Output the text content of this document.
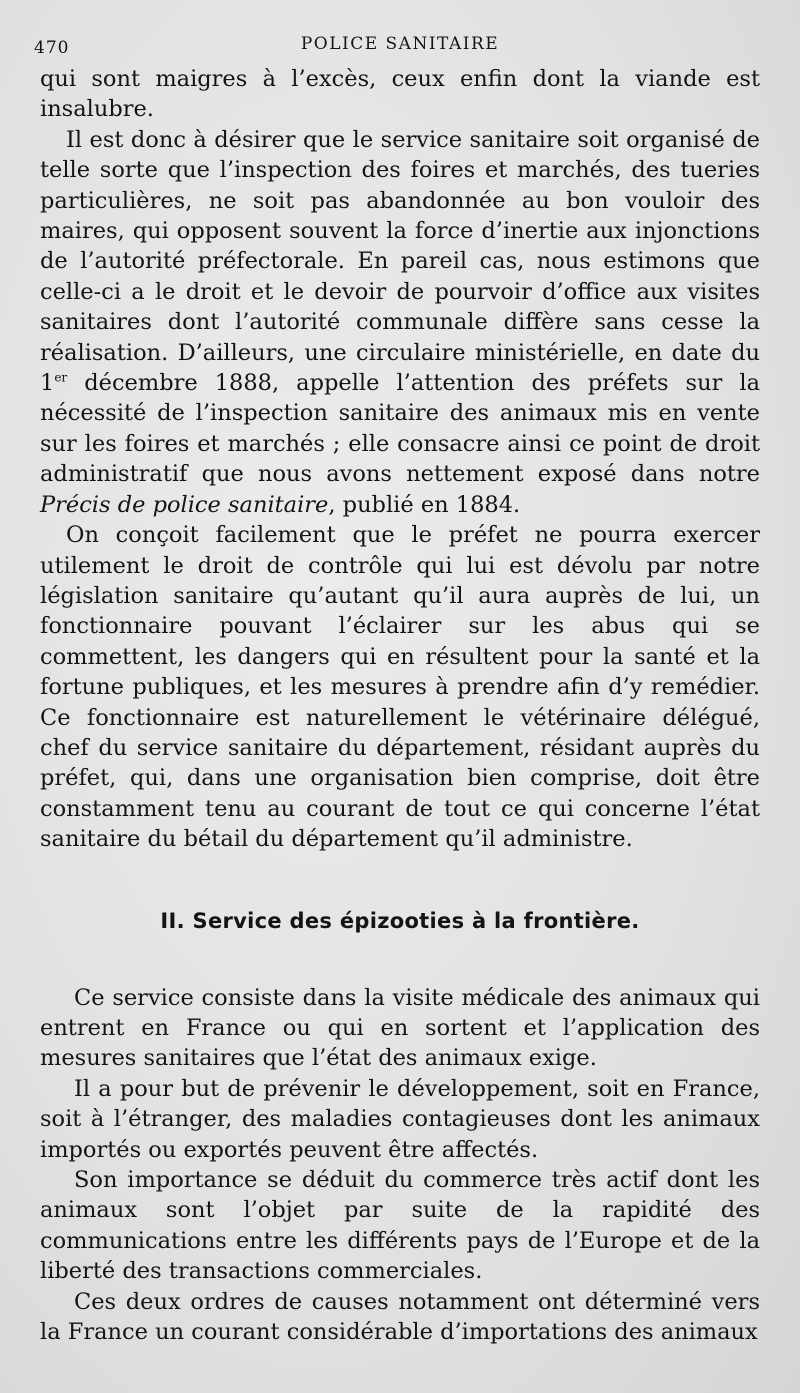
470	POLICE SANITAIRE

qui sont maigres à l’excès, ceux enfin dont la viande est insalubre.

Il est donc à désirer que le service sanitaire soit organisé de telle sorte que l’inspection des foires et marchés, des tueries particulières, ne soit pas abandonnée au bon vouloir des maires, qui opposent souvent la force d’inertie aux injonctions de l’autorité préfectorale. En pareil cas, nous estimons que celle-ci a le droit et le devoir de pourvoir d’office aux visites sanitaires dont l’autorité communale diffère sans cesse la réalisation. D’ailleurs, une circulaire ministérielle, en date du 1er décembre 1888, appelle l’attention des préfets sur la nécessité de l’inspection sanitaire des animaux mis en vente sur les foires et marchés ; elle consacre ainsi ce point de droit administratif que nous avons nettement exposé dans notre Précis de police sanitaire, publié en 1884.

On conçoit facilement que le préfet ne pourra exercer utilement le droit de contrôle qui lui est dévolu par notre législation sanitaire qu’autant qu’il aura auprès de lui, un fonctionnaire pouvant l’éclairer sur les abus qui se commettent, les dangers qui en résultent pour la santé et la fortune publiques, et les mesures à prendre afin d’y remédier. Ce fonctionnaire est naturellement le vétérinaire délégué, chef du service sanitaire du département, résidant auprès du préfet, qui, dans une organisation bien comprise, doit être constamment tenu au courant de tout ce qui concerne l’état sanitaire du bétail du département qu’il administre.

II. Service des épizooties à la frontière.

Ce service consiste dans la visite médicale des animaux qui entrent en France ou qui en sortent et l’application des mesures sanitaires que l’état des animaux exige.

Il a pour but de prévenir le développement, soit en France, soit à l’étranger, des maladies contagieuses dont les animaux importés ou exportés peuvent être affectés.

Son importance se déduit du commerce très actif dont les animaux sont l’objet par suite de la rapidité des communications entre les différents pays de l’Europe et de la liberté des transactions commerciales.

Ces deux ordres de causes notamment ont déterminé vers la France un courant considérable d’importations des animaux
